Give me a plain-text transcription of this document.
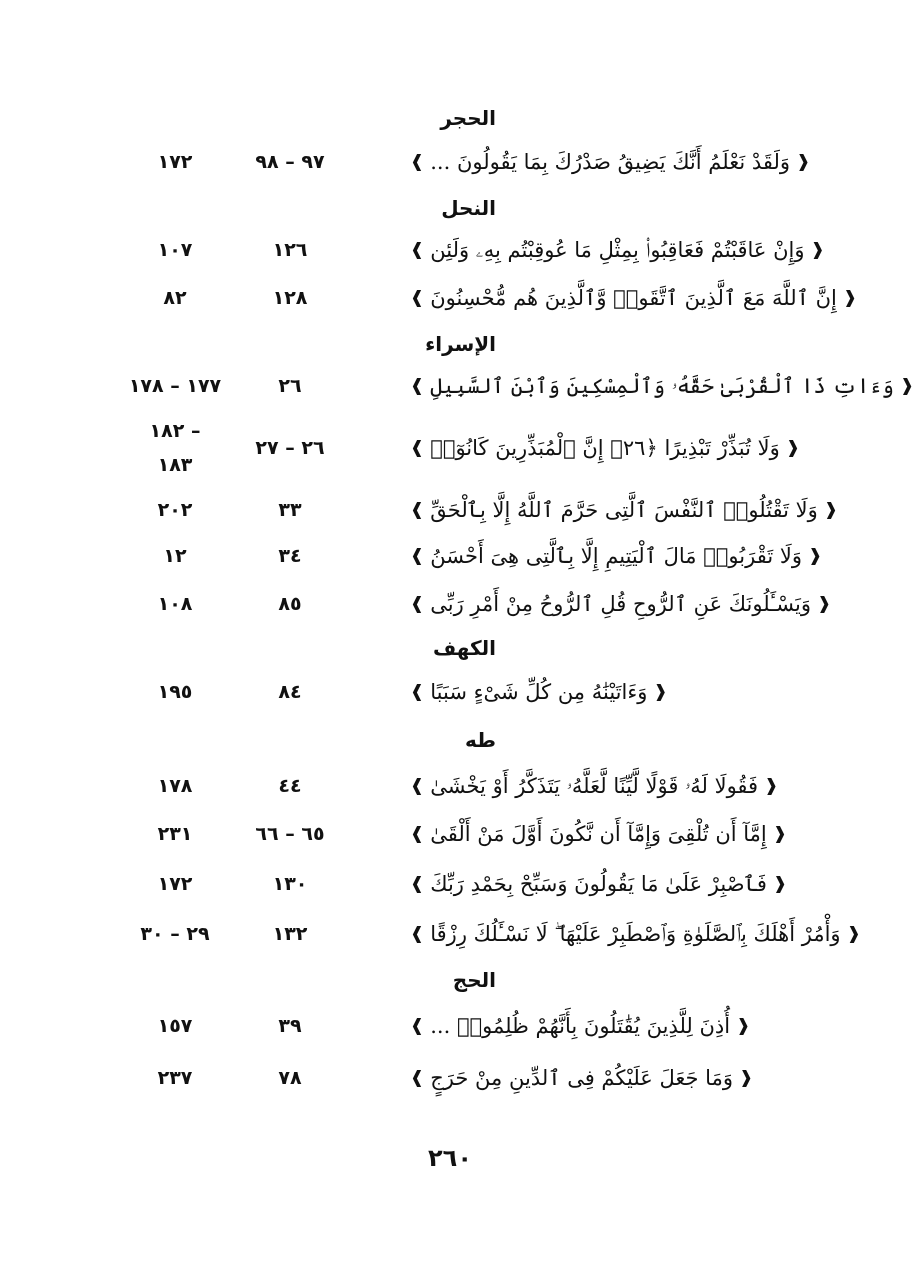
الحجر
❰
وَلَقَدْ نَعْلَمُ أَنَّكَ يَضِيقُ صَدْرُكَ بِمَا يَقُولُونَ ...
❱
٩٧ – ٩٨
١٧٢
النحل
❰
وَإِنْ عَاقَبْتُمْ فَعَاقِبُوا۟ بِمِثْلِ مَا عُوقِبْتُم بِهِۦ وَلَئِن
❱
١٢٦
١٠٧
❰
إِنَّ ٱللَّهَ مَعَ ٱلَّذِينَ ٱتَّقَوا۟ وَّٱلَّذِينَ هُم مُّحْسِنُونَ
❱
١٢٨
٨٢
الإسراء
❰
وَءَاتِ ذَا ٱلْقُرْبَىٰ حَقَّهُۥ وَٱلْمِسْكِينَ وَٱبْنَ ٱلسَّبِيلِ
❱
٢٦
١٧٧ – ١٧٨
❰
وَلَا تُبَذِّرْ تَبْذِيرًا ﴿٢٦﴾ إِنَّ ٱلْمُبَذِّرِينَ كَانُوٓا۟
❱
٢٦ – ٢٧
١٨٢ –
١٨٣
❰
وَلَا تَقْتُلُوا۟ ٱلنَّفْسَ ٱلَّتِى حَرَّمَ ٱللَّهُ إِلَّا بِٱلْحَقِّ
❱
٣٣
٢٠٢
❰
وَلَا تَقْرَبُوا۟ مَالَ ٱلْيَتِيمِ إِلَّا بِٱلَّتِى هِىَ أَحْسَنُ
❱
٣٤
١٢
❰
وَيَسْـَٔلُونَكَ عَنِ ٱلرُّوحِ قُلِ ٱلرُّوحُ مِنْ أَمْرِ رَبِّى
❱
٨٥
١٠٨
الكهف
❰
وَءَاتَيْنَٰهُ مِن كُلِّ شَىْءٍ سَبَبًا
❱
٨٤
١٩٥
طه
❰
فَقُولَا لَهُۥ قَوْلًا لَّيِّنًا لَّعَلَّهُۥ يَتَذَكَّرُ أَوْ يَخْشَىٰ
❱
٤٤
١٧٨
❰
إِمَّآ أَن تُلْقِىَ وَإِمَّآ أَن نَّكُونَ أَوَّلَ مَنْ أَلْقَىٰ
❱
٦٥ – ٦٦
٢٣١
❰
فَٱصْبِرْ عَلَىٰ مَا يَقُولُونَ وَسَبِّحْ بِحَمْدِ رَبِّكَ
❱
١٣٠
١٧٢
❰
وَأْمُرْ أَهْلَكَ بِٱلصَّلَوٰةِ وَٱصْطَبِرْ عَلَيْهَا ۖ لَا نَسْـَٔلُكَ رِزْقًا
❱
١٣٢
٢٩ – ٣٠
الحج
❰
أُذِنَ لِلَّذِينَ يُقَٰتَلُونَ بِأَنَّهُمْ ظُلِمُوا۟ ...
❱
٣٩
١٥٧
❰
وَمَا جَعَلَ عَلَيْكُمْ فِى ٱلدِّينِ مِنْ حَرَجٍ
❱
٧٨
٢٣٧
٢٦٠
